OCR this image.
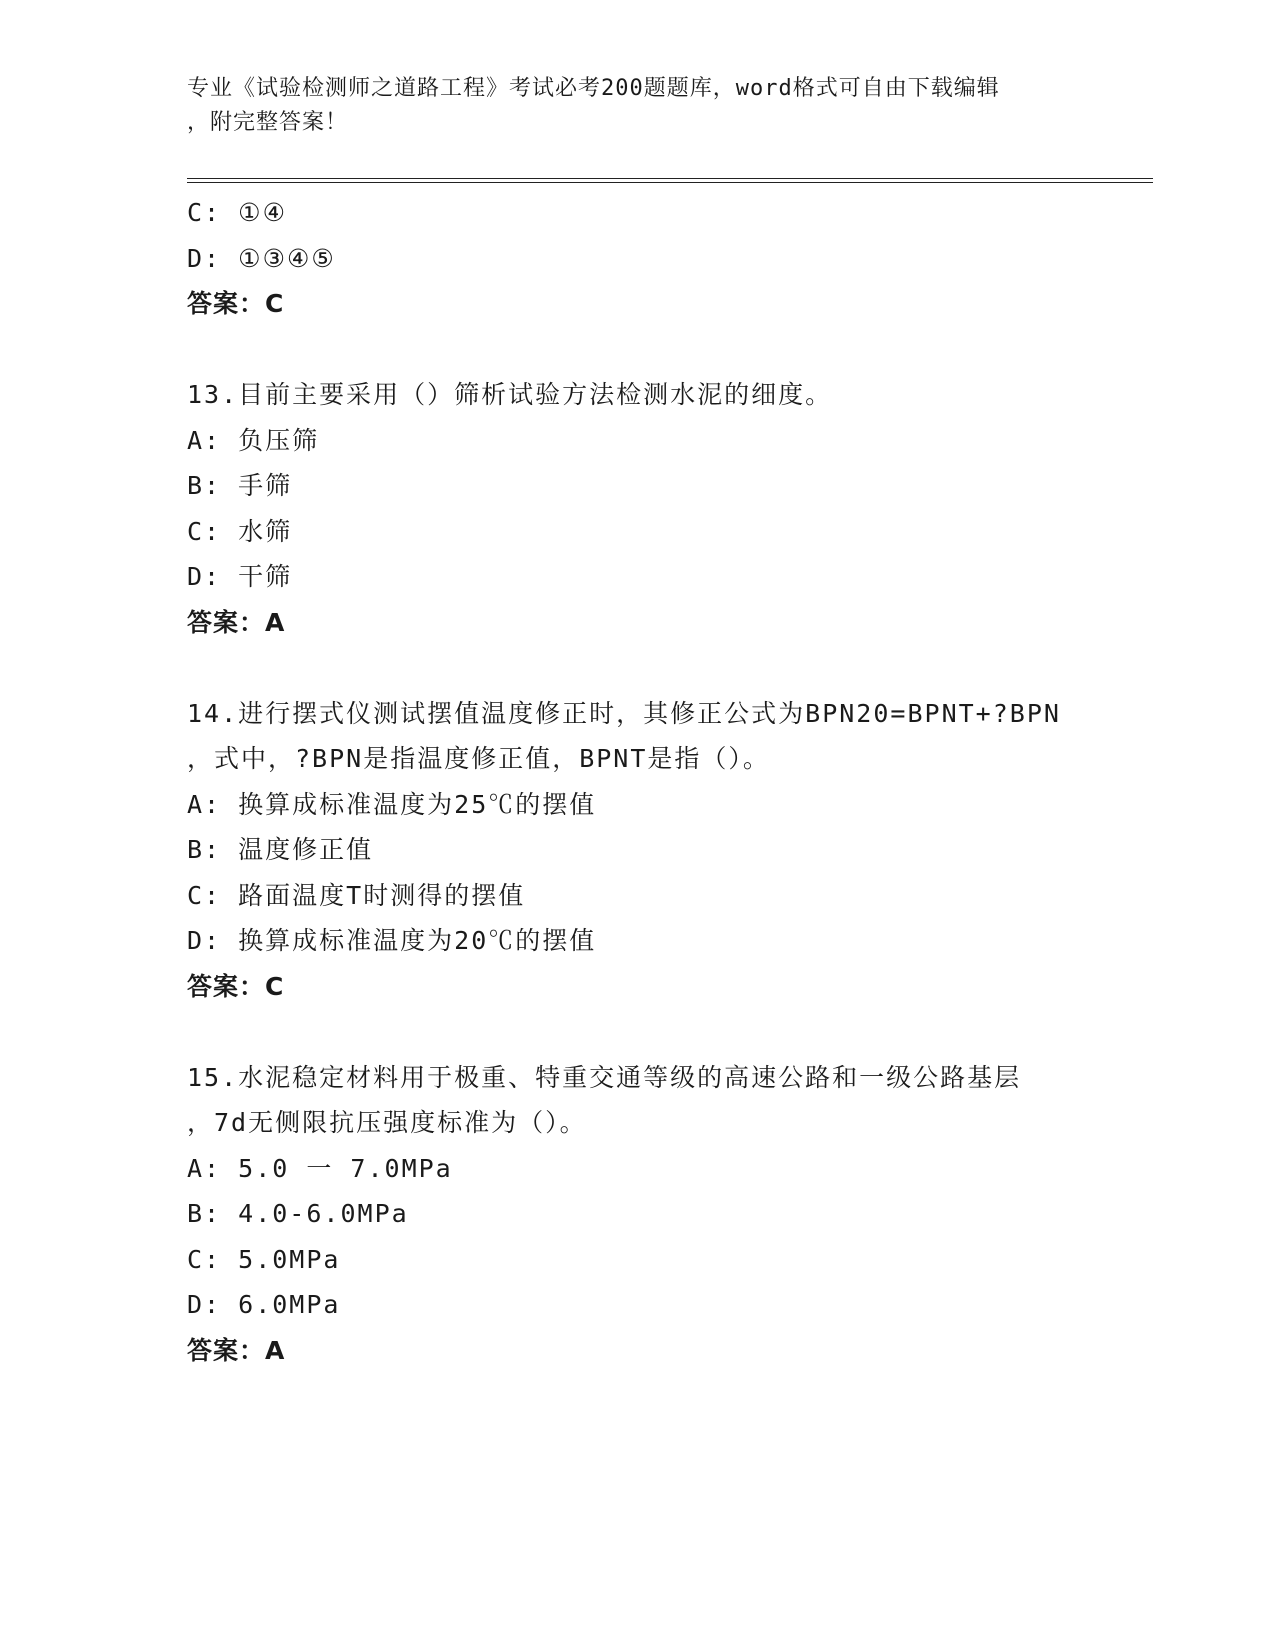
专业《试验检测师之道路工程》考试必考200题题库，word格式可自由下载编辑
，附完整答案！
C: ①④
D: ①③④⑤
答案：C
13.目前主要采用（）筛析试验方法检测水泥的细度。
A: 负压筛
B: 手筛
C: 水筛
D: 干筛
答案：A
14.进行摆式仪测试摆值温度修正时，其修正公式为BPN20=BPNT+?BPN
，式中，?BPN是指温度修正值，BPNT是指（）。
A: 换算成标准温度为25℃的摆值
B: 温度修正值
C: 路面温度T时测得的摆值
D: 换算成标准温度为20℃的摆值
答案：C
15.水泥稳定材料用于极重、特重交通等级的高速公路和一级公路基层
，7d无侧限抗压强度标准为（）。
A: 5.0 一 7.0MPa
B: 4.0-6.0MPa
C: 5.0MPa
D: 6.0MPa
答案：A
